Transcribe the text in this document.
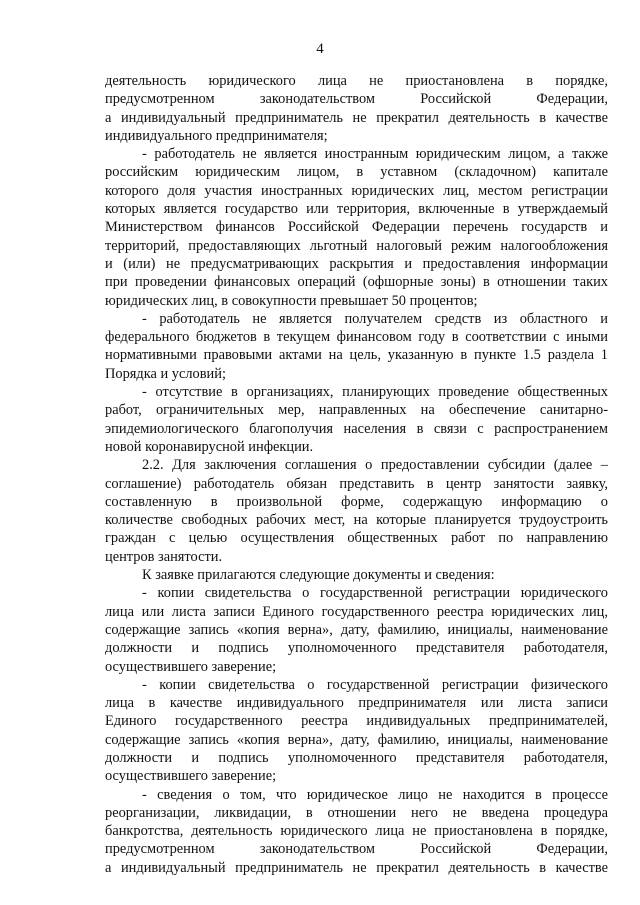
4
деятельность юридического лица не приостановлена в порядке,
предусмотренном законодательством Российской Федерации,
а индивидуальный предприниматель не прекратил деятельность в качестве
индивидуального предпринимателя;
- работодатель не является иностранным юридическим лицом, а также
российским юридическим лицом, в уставном (складочном) капитале
которого доля участия иностранных юридических лиц, местом регистрации
которых является государство или территория, включенные в утверждаемый
Министерством финансов Российской Федерации перечень государств и
территорий, предоставляющих льготный налоговый режим налогообложения
и (или) не предусматривающих раскрытия и предоставления информации
при проведении финансовых операций (офшорные зоны) в отношении таких
юридических лиц, в совокупности превышает 50 процентов;
- работодатель не является получателем средств из областного и
федерального бюджетов в текущем финансовом году в соответствии с иными
нормативными правовыми актами на цель, указанную в пункте 1.5 раздела 1
Порядка и условий;
- отсутствие в организациях, планирующих проведение общественных
работ, ограничительных мер, направленных на обеспечение санитарно-
эпидемиологического благополучия населения в связи с распространением
новой коронавирусной инфекции.
2.2. Для заключения соглашения о предоставлении субсидии (далее –
соглашение) работодатель обязан представить в центр занятости заявку,
составленную в произвольной форме, содержащую информацию о
количестве свободных рабочих мест, на которые планируется трудоустроить
граждан с целью осуществления общественных работ по направлению
центров занятости.
К заявке прилагаются следующие документы и сведения:
- копии свидетельства о государственной регистрации юридического
лица или листа записи Единого государственного реестра юридических лиц,
содержащие запись «копия верна», дату, фамилию, инициалы, наименование
должности и подпись уполномоченного представителя работодателя,
осуществившего заверение;
- копии свидетельства о государственной регистрации физического
лица в качестве индивидуального предпринимателя или листа записи
Единого государственного реестра индивидуальных предпринимателей,
содержащие запись «копия верна», дату, фамилию, инициалы, наименование
должности и подпись уполномоченного представителя работодателя,
осуществившего заверение;
- сведения о том, что юридическое лицо не находится в процессе
реорганизации, ликвидации, в отношении него не введена процедура
банкротства, деятельность юридического лица не приостановлена в порядке,
предусмотренном законодательством Российской Федерации,
а индивидуальный предприниматель не прекратил деятельность в качестве
